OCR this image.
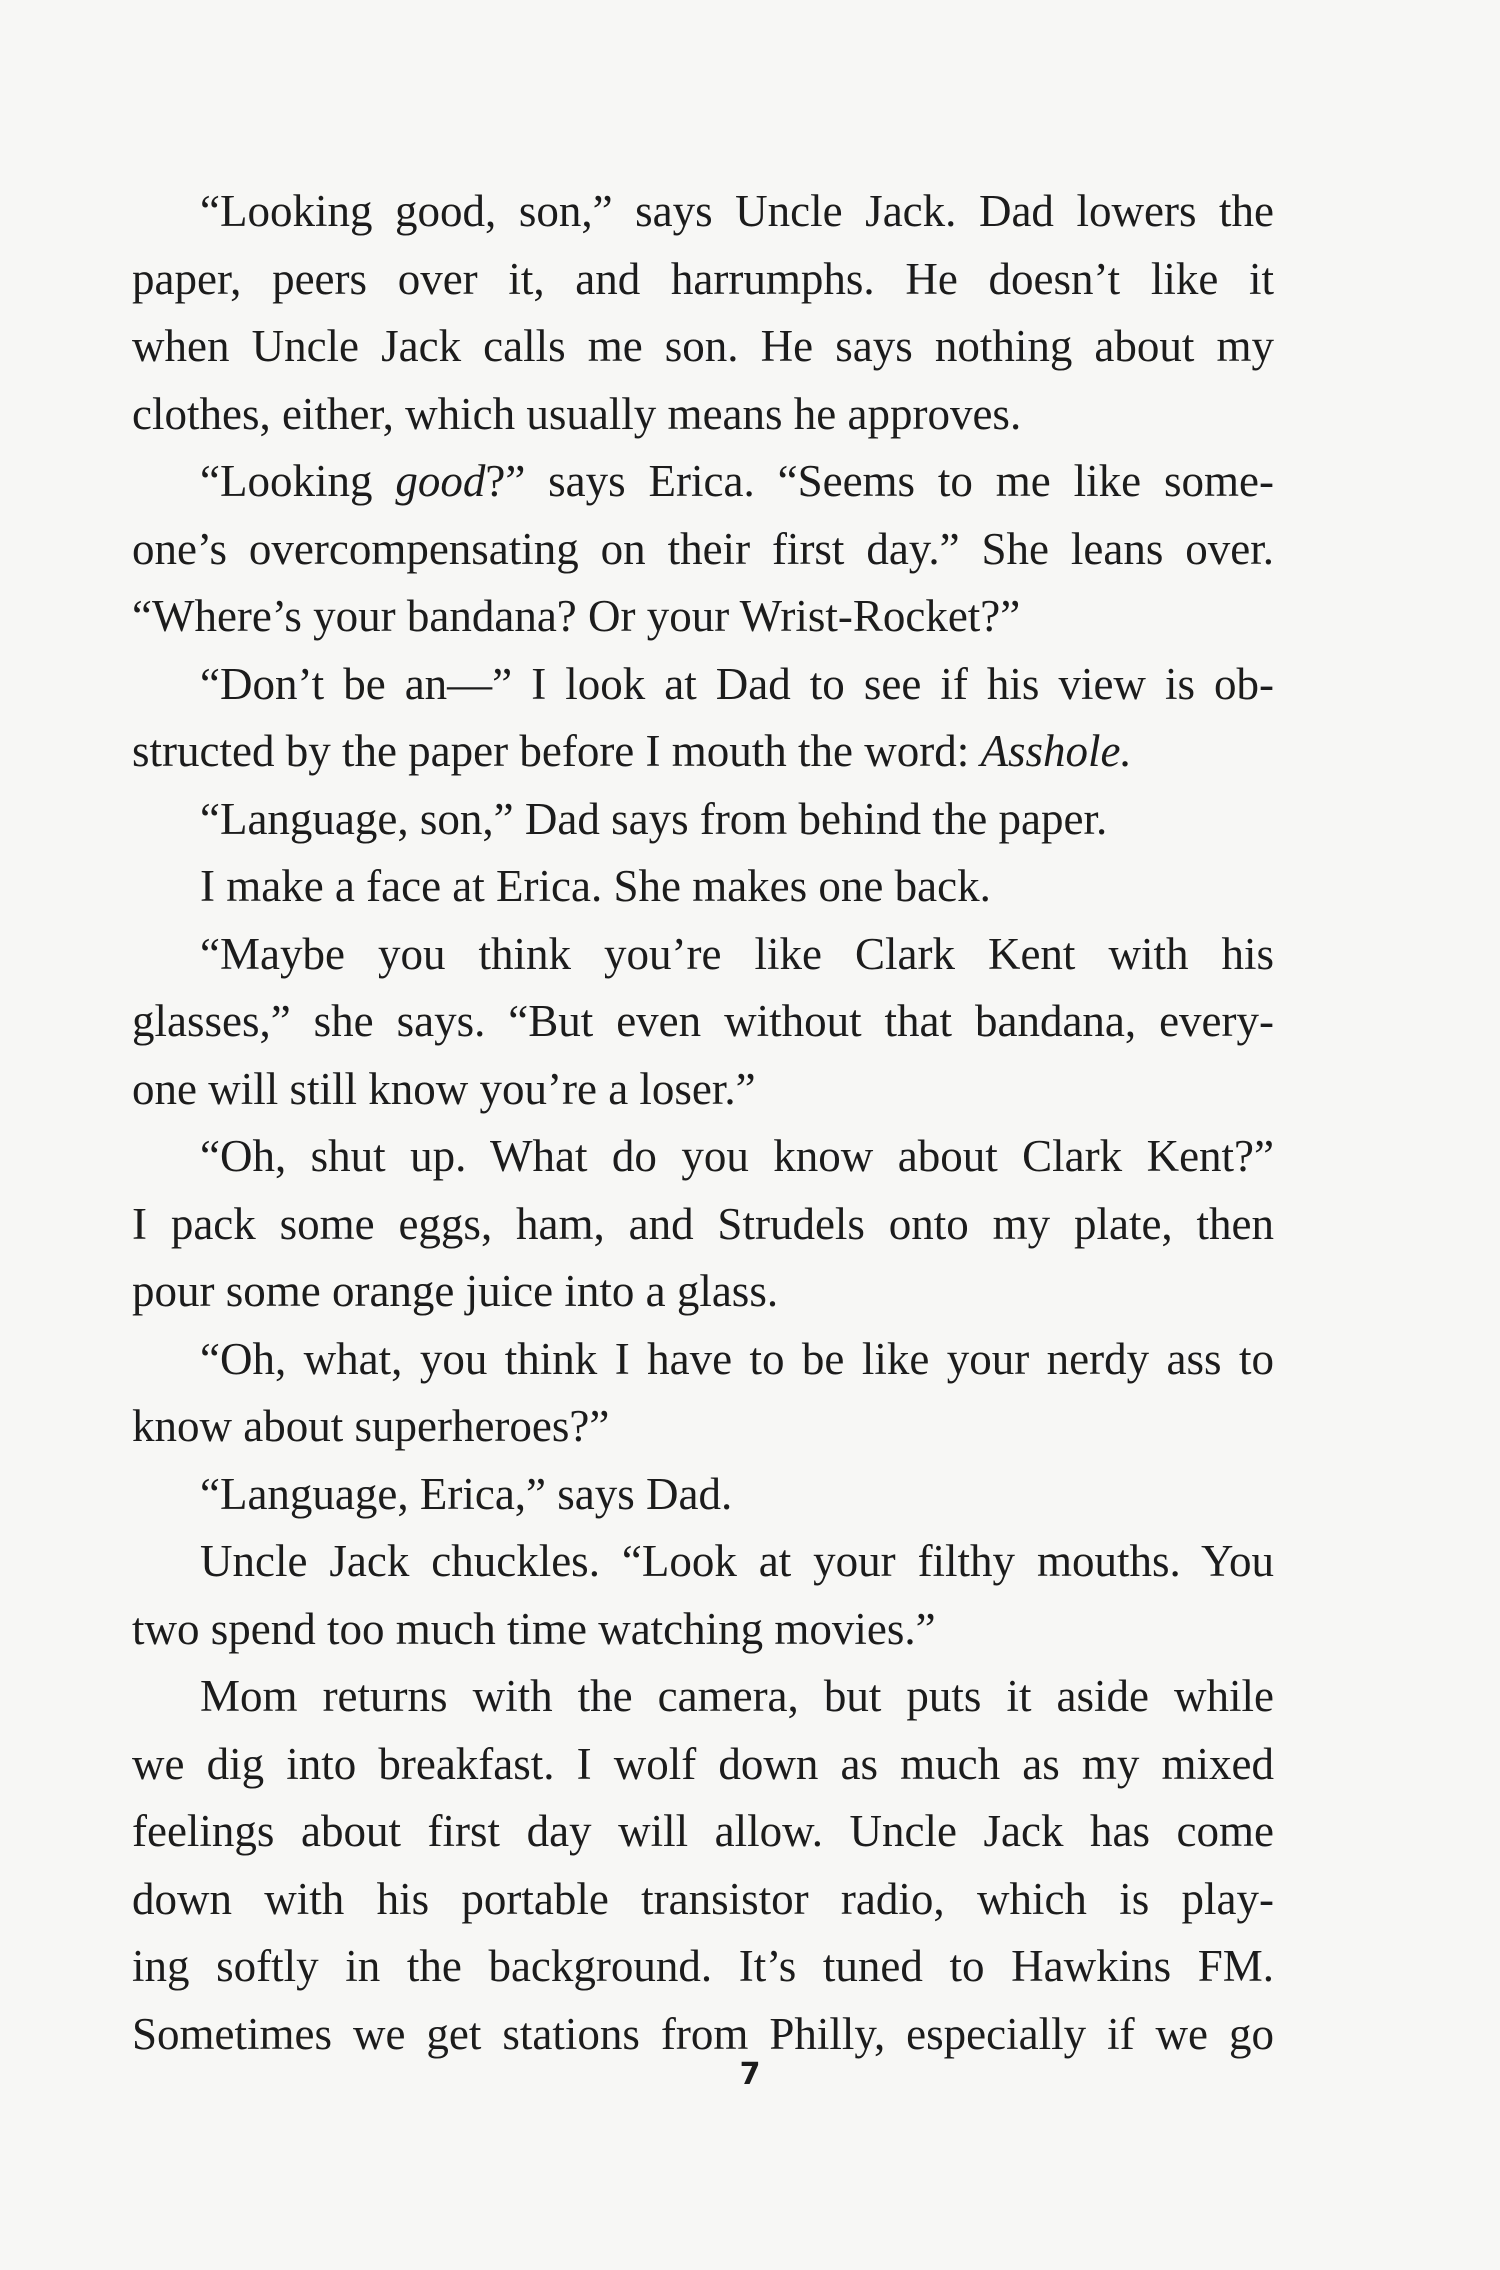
“Looking good, son,” says Uncle Jack. Dad lowers the
paper, peers over it, and harrumphs. He doesn’t like it
when Uncle Jack calls me son. He says nothing about my
clothes, either, which usually means he approves.
“Looking good?” says Erica. “Seems to me like some-
one’s overcompensating on their first day.” She leans over.
“Where’s your bandana? Or your Wrist-Rocket?”
“Don’t be an—” I look at Dad to see if his view is ob-
structed by the paper before I mouth the word: Asshole.
“Language, son,” Dad says from behind the paper.
I make a face at Erica. She makes one back.
“Maybe you think you’re like Clark Kent with his
glasses,” she says. “But even without that bandana, every-
one will still know you’re a loser.”
“Oh, shut up. What do you know about Clark Kent?”
I pack some eggs, ham, and Strudels onto my plate, then
pour some orange juice into a glass.
“Oh, what, you think I have to be like your nerdy ass to
know about superheroes?”
“Language, Erica,” says Dad.
Uncle Jack chuckles. “Look at your filthy mouths. You
two spend too much time watching movies.”
Mom returns with the camera, but puts it aside while
we dig into breakfast. I wolf down as much as my mixed
feelings about first day will allow. Uncle Jack has come
down with his portable transistor radio, which is play-
ing softly in the background. It’s tuned to Hawkins FM.
Sometimes we get stations from Philly, especially if we go
7
